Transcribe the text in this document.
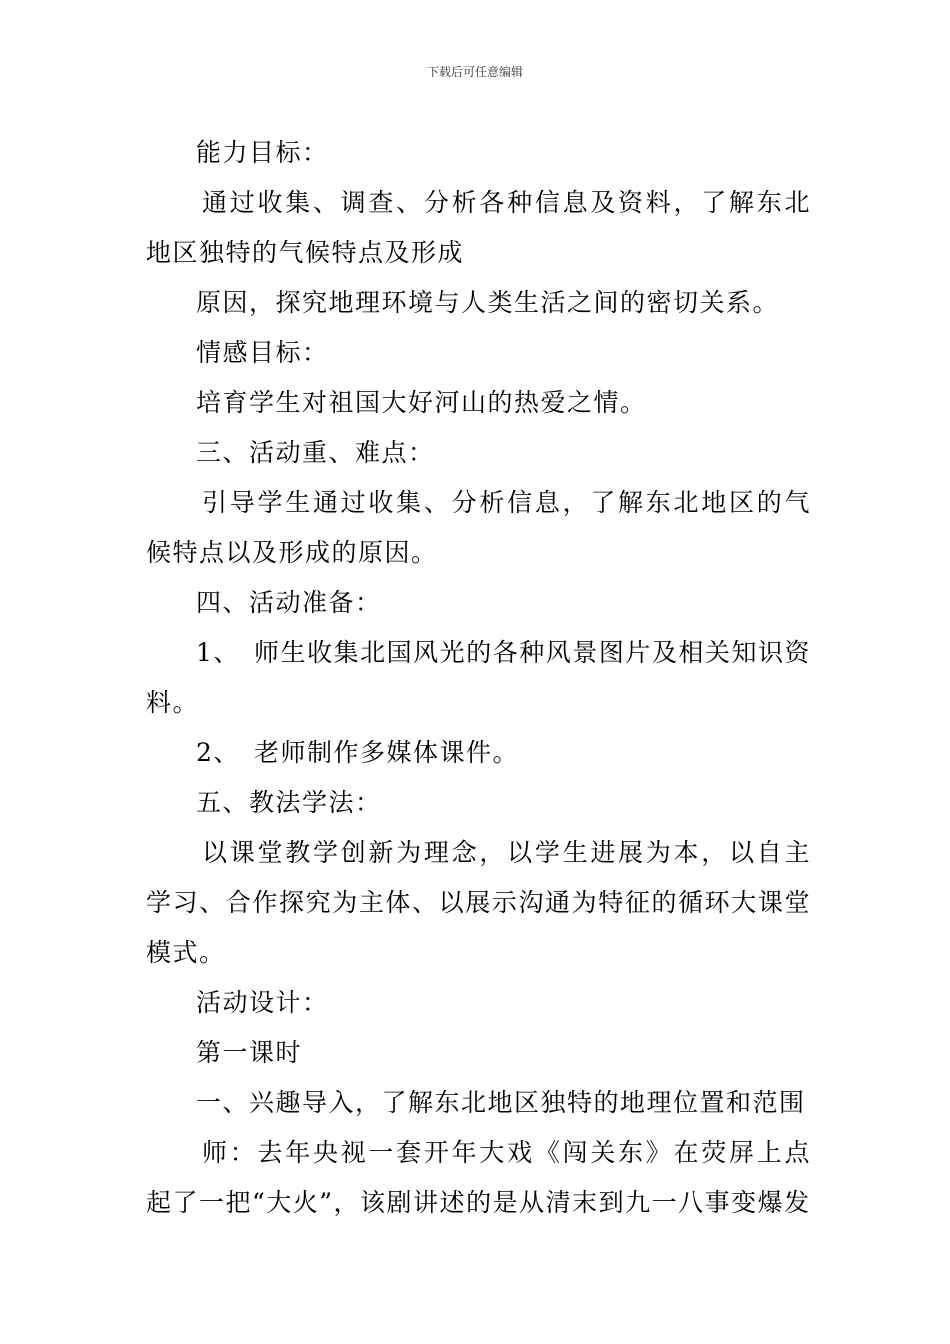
下载后可任意编辑

能力目标：

通过收集、调查、分析各种信息及资料，了解东北地区独特的气候特点及形成

原因，探究地理环境与人类生活之间的密切关系。

情感目标：

培育学生对祖国大好河山的热爱之情。

三、活动重、难点：

引导学生通过收集、分析信息，了解东北地区的气候特点以及形成的原因。

四、活动准备：

1、 师生收集北国风光的各种风景图片及相关知识资料。

2、 老师制作多媒体课件。

五、教法学法：

以课堂教学创新为理念，以学生进展为本，以自主学习、合作探究为主体、以展示沟通为特征的循环大课堂模式。

活动设计：

第一课时

一、兴趣导入，了解东北地区独特的地理位置和范围

师：去年央视一套开年大戏《闯关东》在荧屏上点起了一把“大火”，该剧讲述的是从清末到九一八事变爆发
